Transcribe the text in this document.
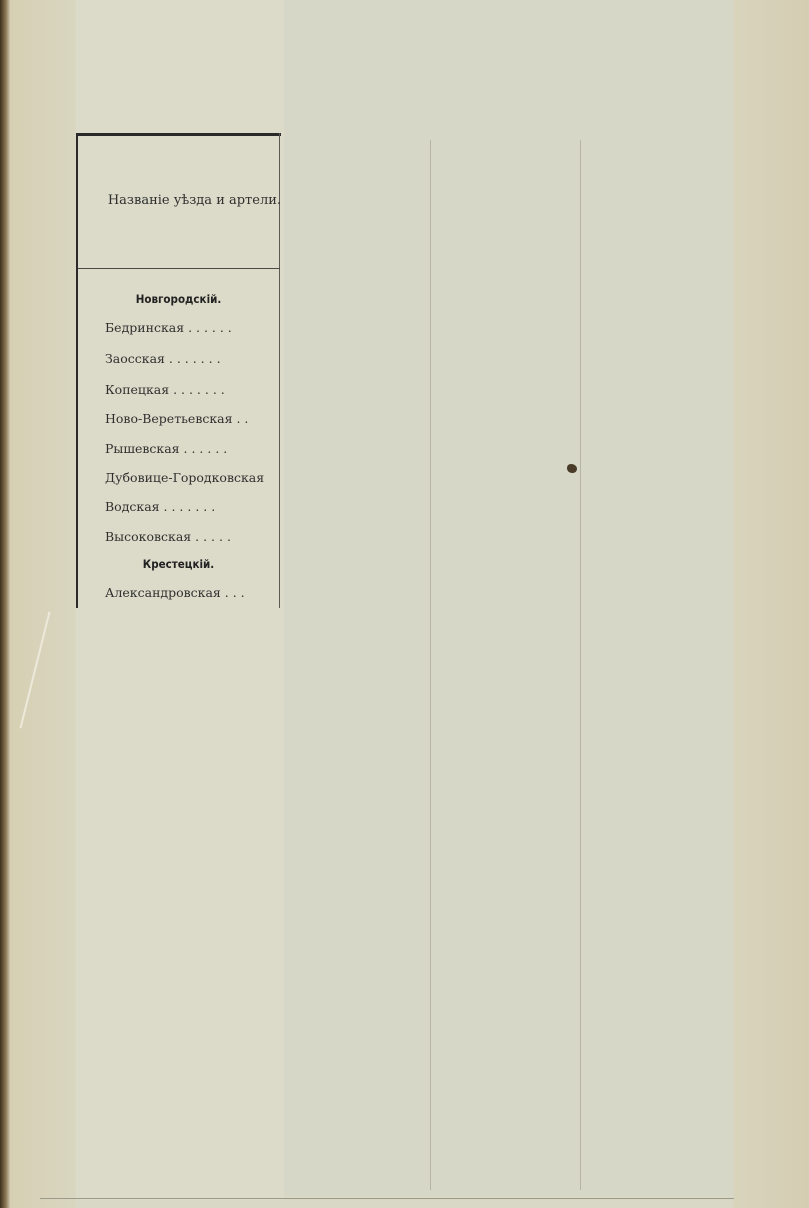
Названіе уѣзда и артели.
Новгородскій.
Бедринская . . . . . .
Заосская . . . . . . .
Копецкая . . . . . . .
Ново-Веретьевская . .
Рышевская . . . . . .
Дубовице-Городковская
Водская . . . . . . .
Высоковская . . . . .
Крестецкій.
Александровская . . .
